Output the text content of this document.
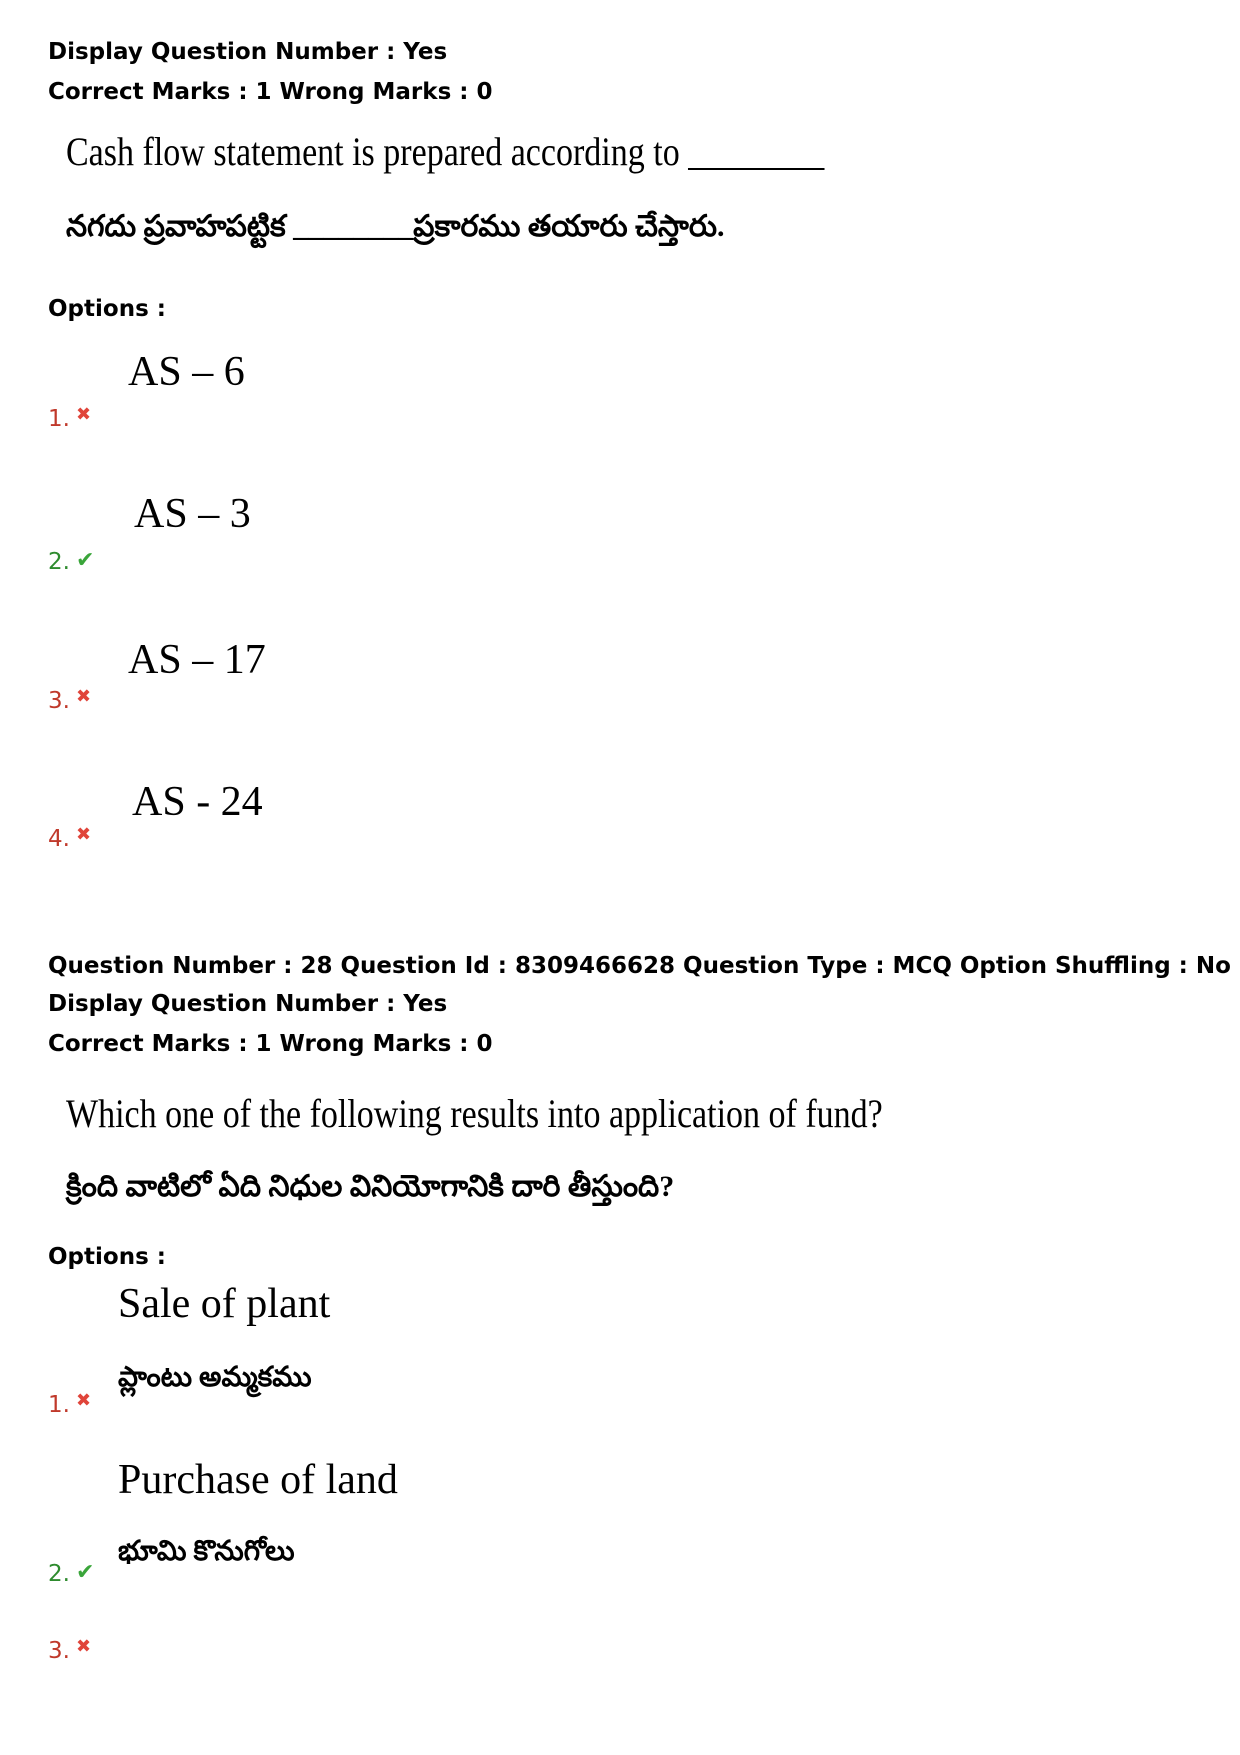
Display Question Number : Yes
Correct Marks : 1 Wrong Marks : 0
Cash flow statement is prepared according to ________
నగదు ప్రవాహపట్టిక ________ప్రకారము తయారు చేస్తారు.
Options :
AS – 6
1. ✖
AS – 3
2. ✔
AS – 17
3. ✖
AS - 24
4. ✖
Question Number : 28 Question Id : 8309466628 Question Type : MCQ Option Shuffling : No
Display Question Number : Yes
Correct Marks : 1 Wrong Marks : 0
Which one of the following results into application of fund?
క్రింది వాటిలో ఏది నిధుల వినియోగానికి దారి తీస్తుంది?
Options :
Sale of plant
ప్లాంటు అమ్మకము
1. ✖
Purchase of land
భూమి కొనుగోలు
2. ✔
3. ✖
